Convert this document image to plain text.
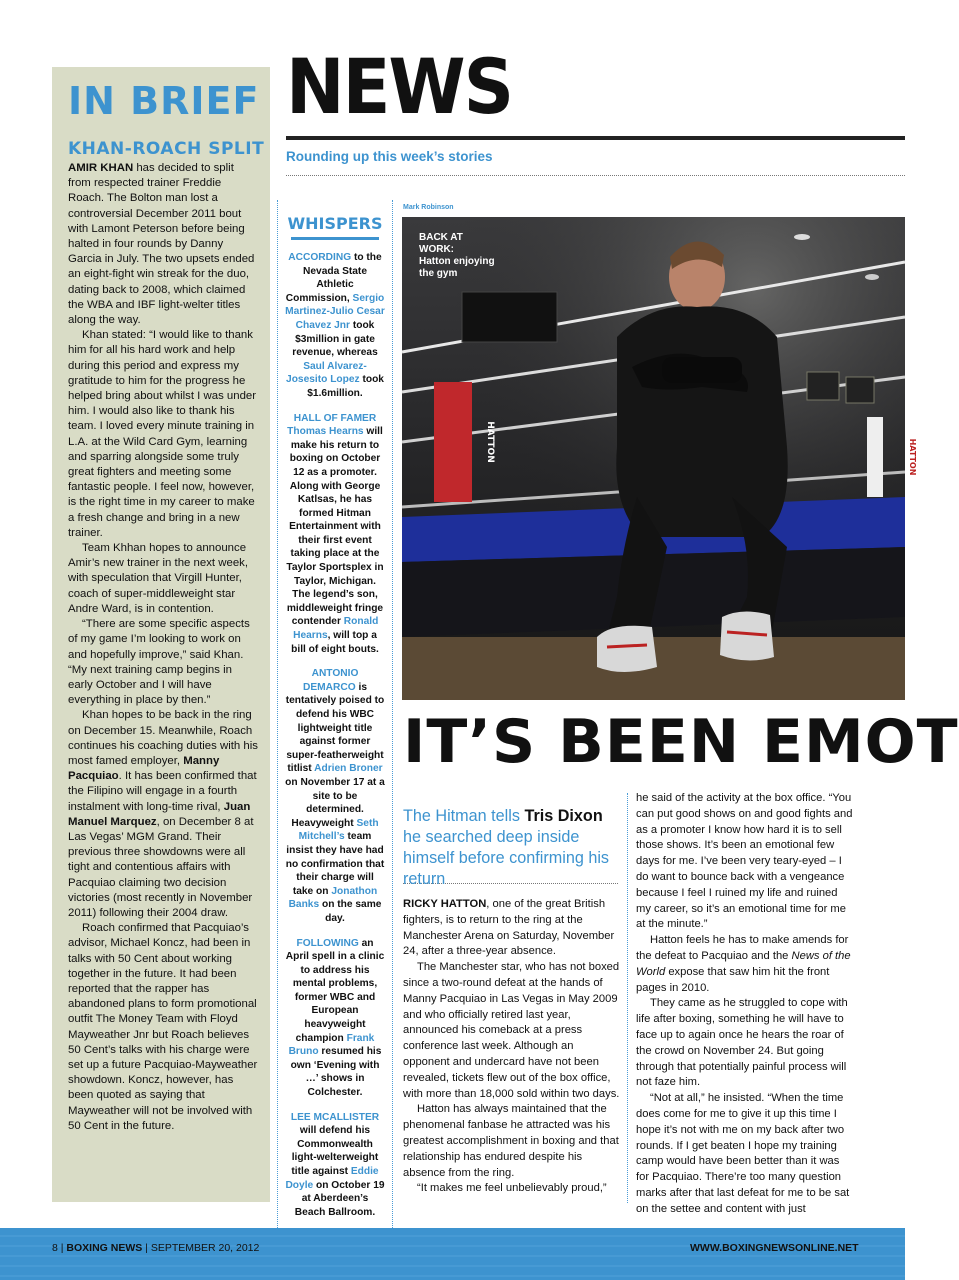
IN BRIEF
KHAN-ROACH SPLIT

AMIR KHAN has decided to split from respected trainer Freddie Roach. The Bolton man lost a controversial December 2011 bout with Lamont Peterson before being halted in four rounds by Danny Garcia in July. The two upsets ended an eight-fight win streak for the duo, dating back to 2008, which claimed the WBA and IBF light-welter titles along the way.

Khan stated: “I would like to thank him for all his hard work and help during this period and express my gratitude to him for the progress he helped bring about whilst I was under him. I would also like to thank his team. I loved every minute training in L.A. at the Wild Card Gym, learning and sparring alongside some truly great fighters and meeting some fantastic people. I feel now, however, is the right time in my career to make a fresh change and bring in a new trainer.

Team Khhan hopes to announce Amir’s new trainer in the next week, with speculation that Virgill Hunter, coach of super-middleweight star Andre Ward, is in contention.

“There are some specific aspects of my game I’m looking to work on and hopefully improve,” said Khan. “My next training camp begins in early October and I will have everything in place by then.”

Khan hopes to be back in the ring on December 15. Meanwhile, Roach continues his coaching duties with his most famed employer, Manny Pacquiao. It has been confirmed that the Filipino will engage in a fourth instalment with long-time rival, Juan Manuel Marquez, on December 8 at Las Vegas’ MGM Grand. Their previous three showdowns were all tight and contentious affairs with Pacquiao claiming two decision victories (most recently in November 2011) following their 2004 draw.

Roach confirmed that Pacquiao’s advisor, Michael Koncz, had been in talks with 50 Cent about working together in the future. It had been reported that the rapper has abandoned plans to form promotional outfit The Money Team with Floyd Mayweather Jnr but Roach believes 50 Cent’s talks with his charge were set up a future Pacquiao-Mayweather showdown. Koncz, however, has been quoted as saying that Mayweather will not be involved with 50 Cent in the future.

NEWS
Rounding up this week’s stories
WHISPERS
ACCORDING to the Nevada State Athletic Commission, Sergio Martinez-Julio Cesar Chavez Jnr took $3million in gate revenue, whereas Saul Alvarez-Josesito Lopez took $1.6million.
HALL OF FAMER Thomas Hearns will make his return to boxing on October 12 as a promoter. Along with George Katlsas, he has formed Hitman Entertainment with their first event taking place at the Taylor Sportsplex in Taylor, Michigan. The legend’s son, middleweight fringe contender Ronald Hearns, will top a bill of eight bouts.
ANTONIO DEMARCO is tentatively poised to defend his WBC lightweight title against former super-featherweight titlist Adrien Broner on November 17 at a site to be determined. Heavyweight Seth Mitchell’s team insist they have had no confirmation that their charge will take on Jonathon Banks on the same day.
FOLLOWING an April spell in a clinic to address his mental problems, former WBC and European heavyweight champion Frank Bruno resumed his own ‘Evening with …’ shows in Colchester.
LEE MCALLISTER will defend his Commonwealth light-welterweight title against Eddie Doyle on October 19 at Aberdeen’s Beach Ballroom.
Mark Robinson
HATTON	HATTON
BACK AT
WORK:
Hatton enjoying
the gym
IT’S BEEN EMOT
The Hitman tells Tris Dixon he searched deep inside himself before confirming his return

RICKY HATTON, one of the great British fighters, is to return to the ring at the Manchester Arena on Saturday, November 24, after a three-year absence.

The Manchester star, who has not boxed since a two-round defeat at the hands of Manny Pacquiao in Las Vegas in May 2009 and who officially retired last year, announced his comeback at a press conference last week. Although an opponent and undercard have not been revealed, tickets flew out of the box office, with more than 18,000 sold within two days.

Hatton has always maintained that the phenomenal fanbase he attracted was his greatest accomplishment in boxing and that relationship has endured despite his absence from the ring.

“It makes me feel unbelievably proud,”

he said of the activity at the box office. “You can put good shows on and good fights and as a promoter I know how hard it is to sell those shows. It’s been an emotional few days for me. I’ve been very teary-eyed – I do want to bounce back with a vengeance because I feel I ruined my life and ruined my career, so it’s an emotional time for me at the minute.”

Hatton feels he has to make amends for the defeat to Pacquiao and the News of the World expose that saw him hit the front pages in 2010.

They came as he struggled to cope with life after boxing, something he will have to face up to again once he hears the roar of the crowd on November 24. But going through that potentially painful process will not faze him.

“Not at all,” he insisted. “When the time does come for me to give it up this time I hope it’s not with me on my back after two rounds. If I get beaten I hope my training camp would have been better than it was for Pacquiao. There’re too many question marks after that last defeat for me to be sat on the settee and content with just

8 | BOXING NEWS | SEPTEMBER 20, 2012	WWW.BOXINGNEWSONLINE.NET
